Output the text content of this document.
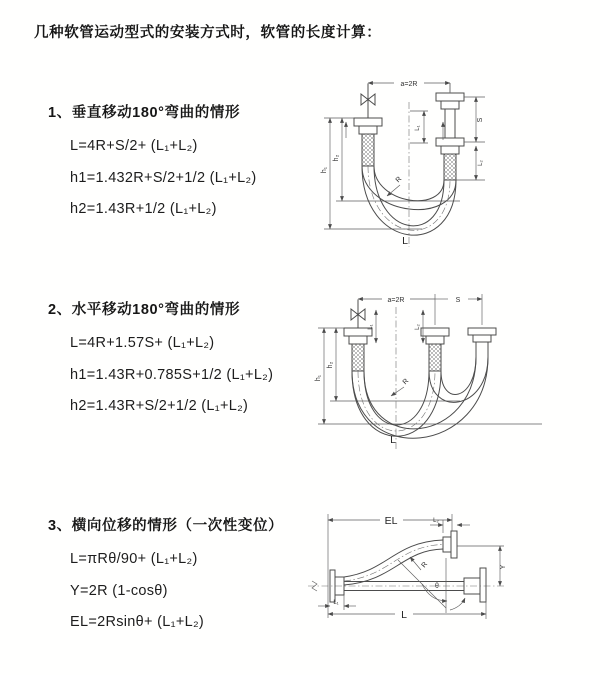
几种软管运动型式的安装方式时，软管的长度计算：
1、垂直移动180°弯曲的情形
L=4R+S/2+ (L₁+L₂)
h1=1.432R+S/2+1/2 (L₁+L₂)
h2=1.43R+1/2 (L₁+L₂)
2、水平移动180°弯曲的情形
L=4R+1.57S+ (L₁+L₂)
h1=1.43R+0.785S+1/2 (L₁+L₂)
h2=1.43R+S/2+1/2 (L₁+L₂)
3、横向位移的情形（一次性变位）
L=πRθ/90+ (L₁+L₂)
Y=2R (1-cosθ)
EL=2Rsinθ+ (L₁+L₂)
a=2R
L₁
S
L₂
h₂
h₁
R
L
a=2R	S
L₁	L₂
h₂
h₁	R
L
EL	L₂
Y
R
θ
L
L₁
